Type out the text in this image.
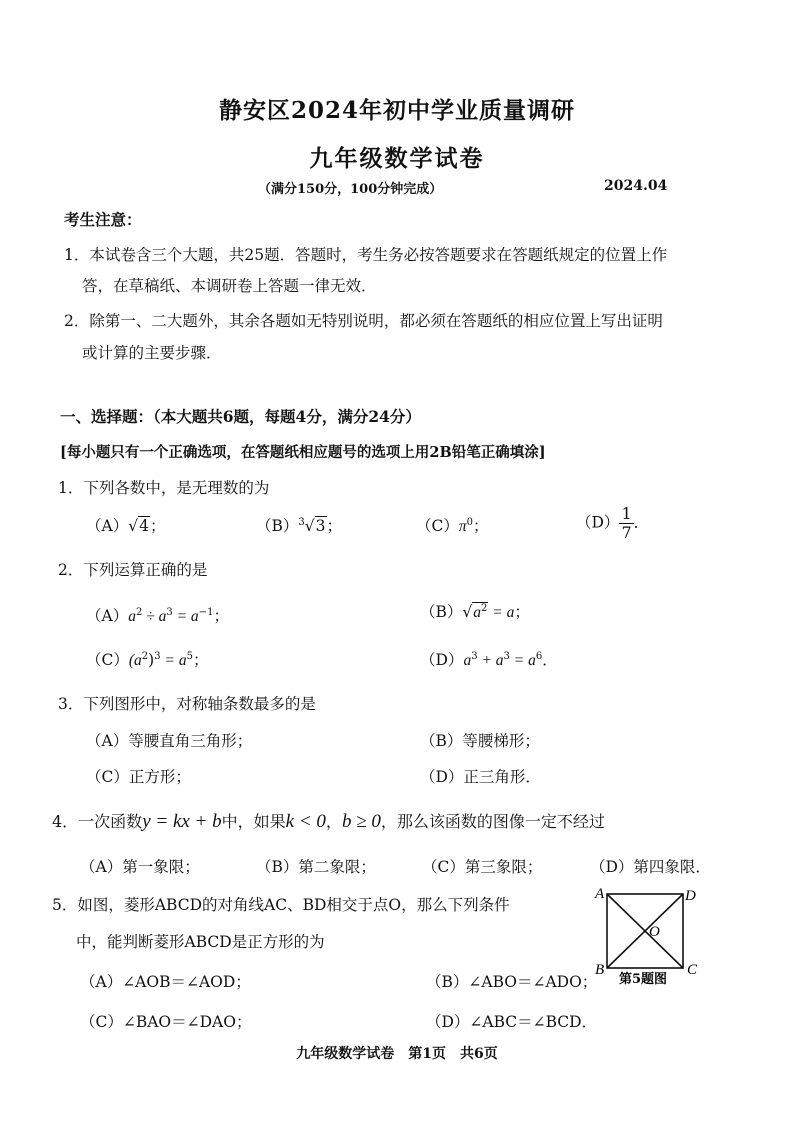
静安区2024年初中学业质量调研
九年级数学试卷
（满分150分，100分钟完成）	2024.04
考生注意：
1．本试卷含三个大题，共25题．答题时，考生务必按答题要求在答题纸规定的位置上作
答，在草稿纸、本调研卷上答题一律无效．
2．除第一、二大题外，其余各题如无特别说明，都必须在答题纸的相应位置上写出证明
或计算的主要步骤．
一、选择题：（本大题共6题，每题4分，满分24分）
[每小题只有一个正确选项，在答题纸相应题号的选项上用2B铅笔正确填涂]
1．下列各数中，是无理数的为
（A）√4；	$(B)^3√3$；	$(C)\pi^0$；	$(D) \frac{1}{7}$ ．
2．下列运算正确的是
$(A)a^2 \div a^3 = a^{-1}$；	$(B)√a^2 = a$；
$(C)(a^2)^3 = a^5$；	$(D)a^3 + a^3 = a^6$．
3．下列图形中，对称轴条数最多的是
（A）等腰直角三角形；	（B）等腰梯形；
（C）正方形；	（D）正三角形．
4．一次函数y = kx + b中，如果k < 0，b ≥ 0，那么该函数的图像一定不经过
（A）第一象限；	（B）第二象限；	（C）第三象限；	（D）第四象限．
5．如图，菱形ABCD的对角线AC、BD相交于点O，那么下列条件
中，能判断菱形ABCD是正方形的为
（A）∠AOB＝∠AOD；	（B）∠ABO＝∠ADO；
（C）∠BAO＝∠DAO；	（D）∠ABC＝∠BCD．
A	D
O
B	C
第5题图
九年级数学试卷　第1页　共6页
